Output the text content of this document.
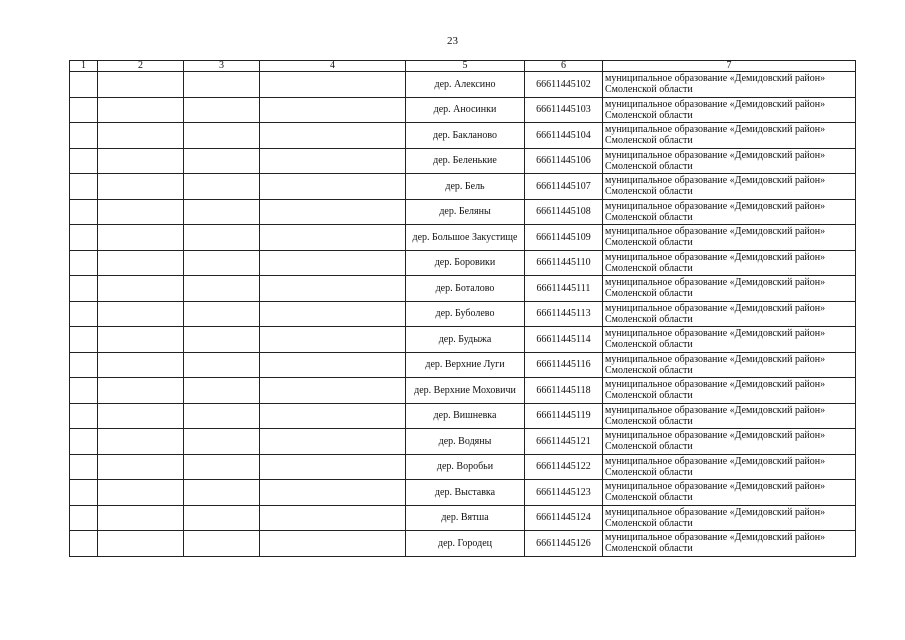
23
1	2	3	4	5	6	7
				дер. Алексино	66611445102	муниципальное образование «Демидовский район» Смоленской области
				дер. Аносинки	66611445103	муниципальное образование «Демидовский район» Смоленской области
				дер. Бакланово	66611445104	муниципальное образование «Демидовский район» Смоленской области
				дер. Беленькие	66611445106	муниципальное образование «Демидовский район» Смоленской области
				дер. Бель	66611445107	муниципальное образование «Демидовский район» Смоленской области
				дер. Беляны	66611445108	муниципальное образование «Демидовский район» Смоленской области
				дер. Большое Закустище	66611445109	муниципальное образование «Демидовский район» Смоленской области
				дер. Боровики	66611445110	муниципальное образование «Демидовский район» Смоленской области
				дер. Боталово	66611445111	муниципальное образование «Демидовский район» Смоленской области
				дер. Буболево	66611445113	муниципальное образование «Демидовский район» Смоленской области
				дер. Будыжа	66611445114	муниципальное образование «Демидовский район» Смоленской области
				дер. Верхние Луги	66611445116	муниципальное образование «Демидовский район» Смоленской области
				дер. Верхние Моховичи	66611445118	муниципальное образование «Демидовский район» Смоленской области
				дер. Вишневка	66611445119	муниципальное образование «Демидовский район» Смоленской области
				дер. Водяны	66611445121	муниципальное образование «Демидовский район» Смоленской области
				дер. Воробьи	66611445122	муниципальное образование «Демидовский район» Смоленской области
				дер. Выставка	66611445123	муниципальное образование «Демидовский район» Смоленской области
				дер. Вятша	66611445124	муниципальное образование «Демидовский район» Смоленской области
				дер. Городец	66611445126	муниципальное образование «Демидовский район» Смоленской области
